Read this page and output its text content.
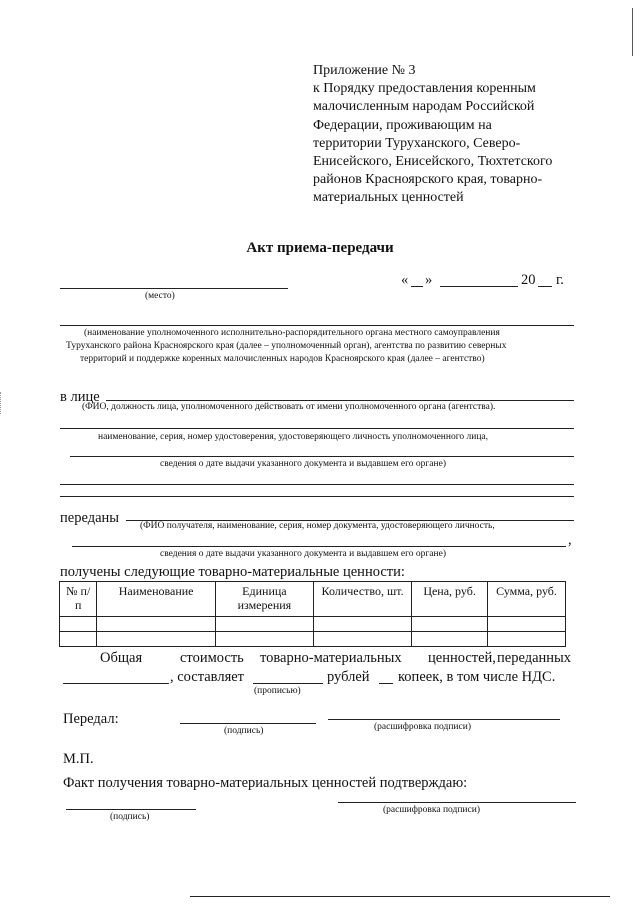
Приложение № 3
к Порядку предоставления коренным
малочисленным народам Российской
Федерации, проживающим на
территории Туруханского, Северо-
Енисейского, Енисейского, Тюхтетского
районов Красноярского края, товарно-
материальных ценностей
Акт приема-передачи
(место)
« »	20 г.
(наименование уполномоченного исполнительно-распорядительного органа местного самоуправления
Туруханского района Красноярского края (далее – уполномоченный орган), агентства по развитию северных
территорий и поддержке коренных малочисленных народов Красноярского края (далее – агентство)
в лице
(ФИО, должность лица, уполномоченного действовать от имени уполномоченного органа (агентства).
наименование, серия, номер удостоверения, удостоверяющего личность уполномоченного лица,
сведения о дате выдачи указанного документа и выдавшем его органе)
переданы (ФИО получателя, наименование, серия, номер документа, удостоверяющего личность,
,
сведения о дате выдачи указанного документа и выдавшем его органе)
получены следующие товарно-материальные ценности:
№ п/п	Наименование	Единица измерения	Количество, шт.	Цена, руб.	Сумма, руб.

Общая	стоимость товарно-материальных ценностей, переданных
, составляет	рублей копеек, в том числе НДС.
(прописью)
Передал:
(подпись)	(расшифровка подписи)
М.П.
Факт получения товарно-материальных ценностей подтверждаю:
(подпись)
(расшифровка подписи)
